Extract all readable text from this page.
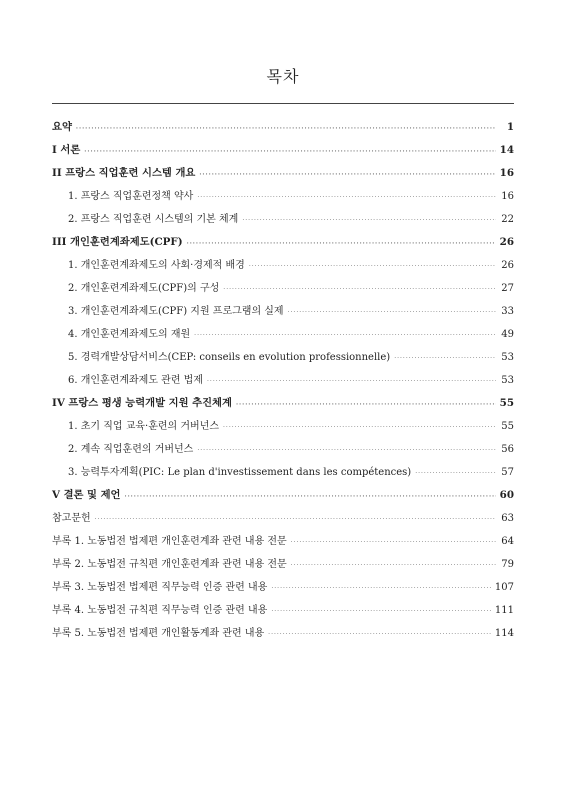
목차
요약 ·····	1
I 서론 ·····	14
II 프랑스 직업훈련 시스템 개요 ·····	16
1. 프랑스 직업훈련정책 약사 ·····	16
2. 프랑스 직업훈련 시스템의 기본 체계 ·····	22
III 개인훈련계좌제도(CPF) ·····	26
1. 개인훈련계좌제도의 사회·경제적 배경 ·····	26
2. 개인훈련계좌제도(CPF)의 구성 ·····	27
3. 개인훈련계좌제도(CPF) 지원 프로그램의 실제 ·····	33
4. 개인훈련계좌제도의 재원 ·····	49
5. 경력개발상담서비스(CEP: conseils en evolution professionnelle) ·····	53
6. 개인훈련계좌제도 관련 법제 ·····	53
IV 프랑스 평생 능력개발 지원 추진체계 ·····	55
1. 초기 직업 교육·훈련의 거버넌스 ·····	55
2. 계속 직업훈련의 거버넌스 ·····	56
3. 능력투자계획(PIC: Le plan d'investissement dans les compétences) ·····	57
V 결론 및 제언 ·····	60
참고문헌 ·····	63
부록 1. 노동법전 법제편 개인훈련계좌 관련 내용 전문 ·····	64
부록 2. 노동법전 규칙편 개인훈련계좌 관련 내용 전문 ·····	79
부록 3. 노동법전 법제편 직무능력 인증 관련 내용 ·····	107
부록 4. 노동법전 규칙편 직무능력 인증 관련 내용 ·····	111
부록 5. 노동법전 법제편 개인활동계좌 관련 내용 ·····	114
